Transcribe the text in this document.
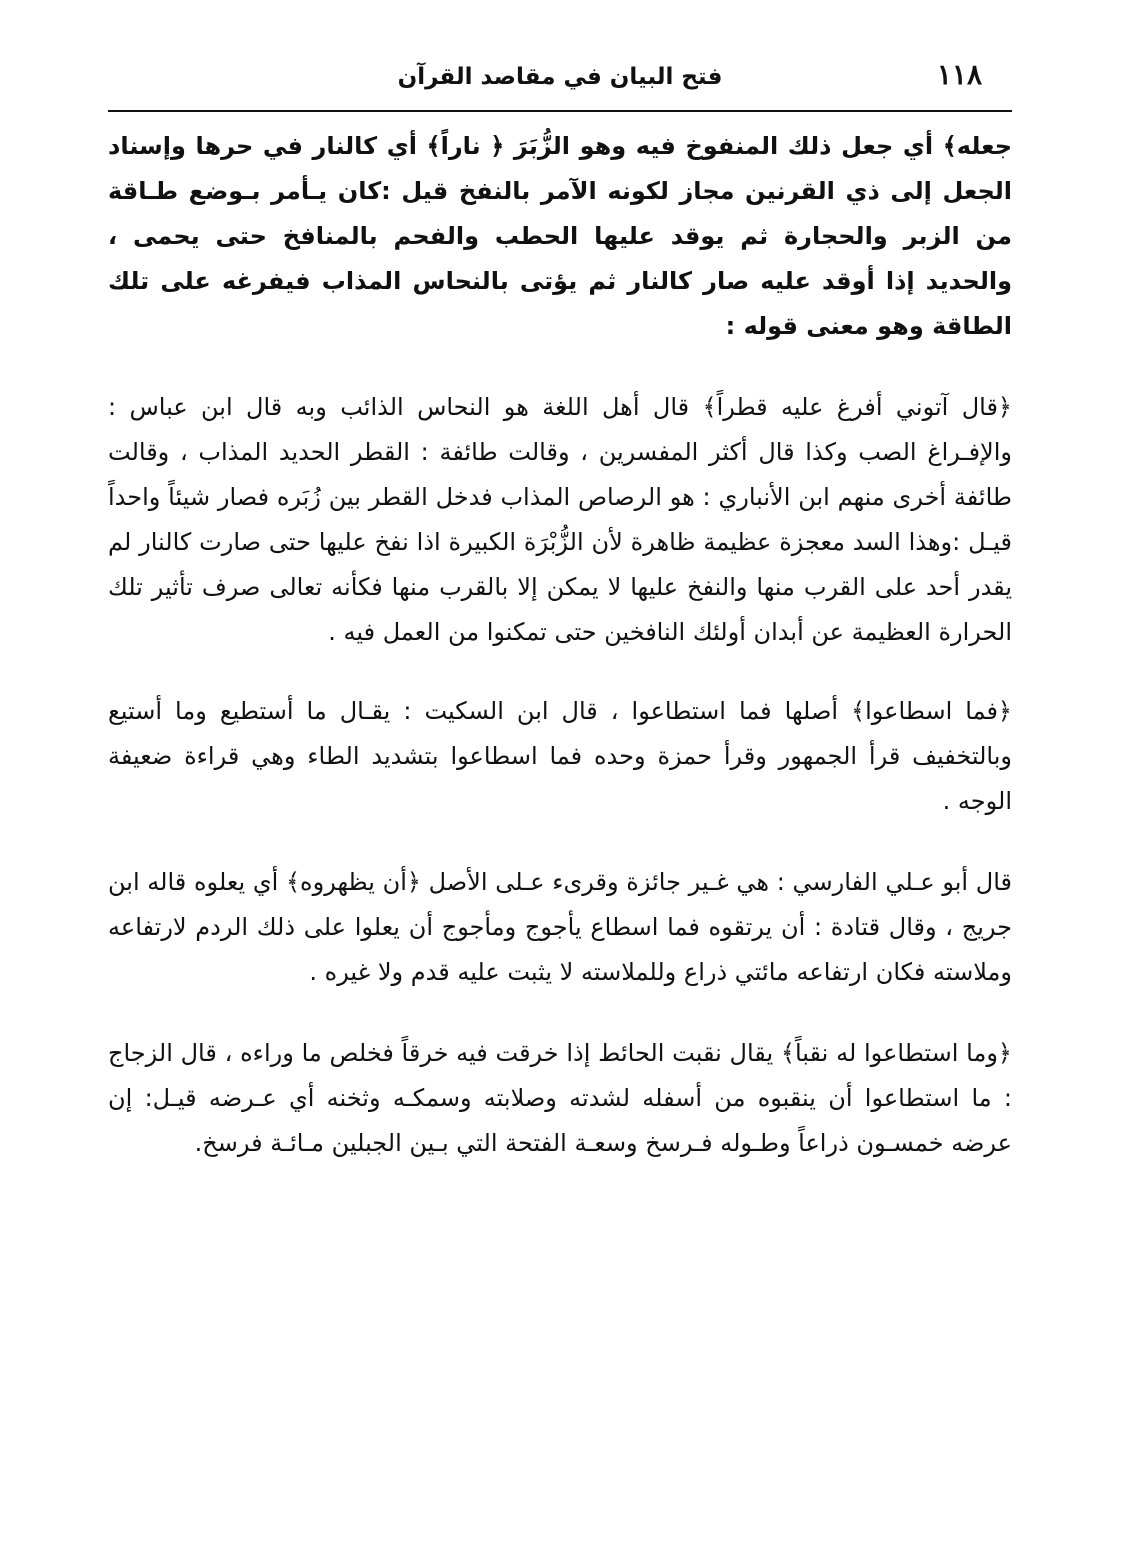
١١٨
فتح البيان في مقاصد القرآن

جعله﴾ أي جعل ذلك المنفوخ فيه وهو الزُّبَرَ ﴿ ناراً﴾ أي كالنار في حرها وإسناد الجعل إلى ذي القرنين مجاز لكونه الآمر بالنفخ قيل :كان يـأمر بـوضع طـاقة من الزبر والحجارة ثم يوقد عليها الحطب والفحم بالمنافخ حتى يحمى ، والحديد إذا أوقد عليه صار كالنار ثم يؤتى بالنحاس المذاب فيفرغه على تلك الطاقة وهو معنى قوله :

﴿قال آتوني أفرغ عليه قطراً﴾ قال أهل اللغة هو النحاس الذائب وبه قال ابن عباس : والإفـراغ الصب وكذا قال أكثر المفسرين ، وقالت طائفة : القطر الحديد المذاب ، وقالت طائفة أخرى منهم ابن الأنباري : هو الرصاص المذاب فدخل القطر بين زُبَره فصار شيئاً واحداً قيـل :وهذا السد معجزة عظيمة ظاهرة لأن الزُّبْرَة الكبيرة اذا نفخ عليها حتى صارت كالنار لم يقدر أحد على القرب منها والنفخ عليها لا يمكن إلا بالقرب منها فكأنه تعالى صرف تأثير تلك الحرارة العظيمة عن أبدان أولئك النافخين حتى تمكنوا من العمل فيه .

﴿فما اسطاعوا﴾ أصلها فما استطاعوا ، قال ابن السكيت : يقـال ما أستطيع وما أستيع وبالتخفيف قرأ الجمهور وقرأ حمزة وحده فما اسطاعوا بتشديد الطاء وهي قراءة ضعيفة الوجه .

قال أبو عـلي الفارسي : هي غـير جائزة وقرىء عـلى الأصل ﴿أن يظهروه﴾ أي يعلوه قاله ابن جريج ، وقال قتادة : أن يرتقوه فما اسطاع يأجوج ومأجوج أن يعلوا على ذلك الردم لارتفاعه وملاسته فكان ارتفاعه مائتي ذراع وللملاسته لا يثبت عليه قدم ولا غيره .

﴿وما استطاعوا له نقباً﴾ يقال نقبت الحائط إذا خرقت فيه خرقاً فخلص ما وراءه ، قال الزجاج : ما استطاعوا أن ينقبوه من أسفله لشدته وصلابته وسمكـه وثخنه أي عـرضه قيـل: إن عرضه خمسـون ذراعاً وطـوله فـرسخ وسعـة الفتحة التي بـين الجبلين مـائـة فرسخ.
